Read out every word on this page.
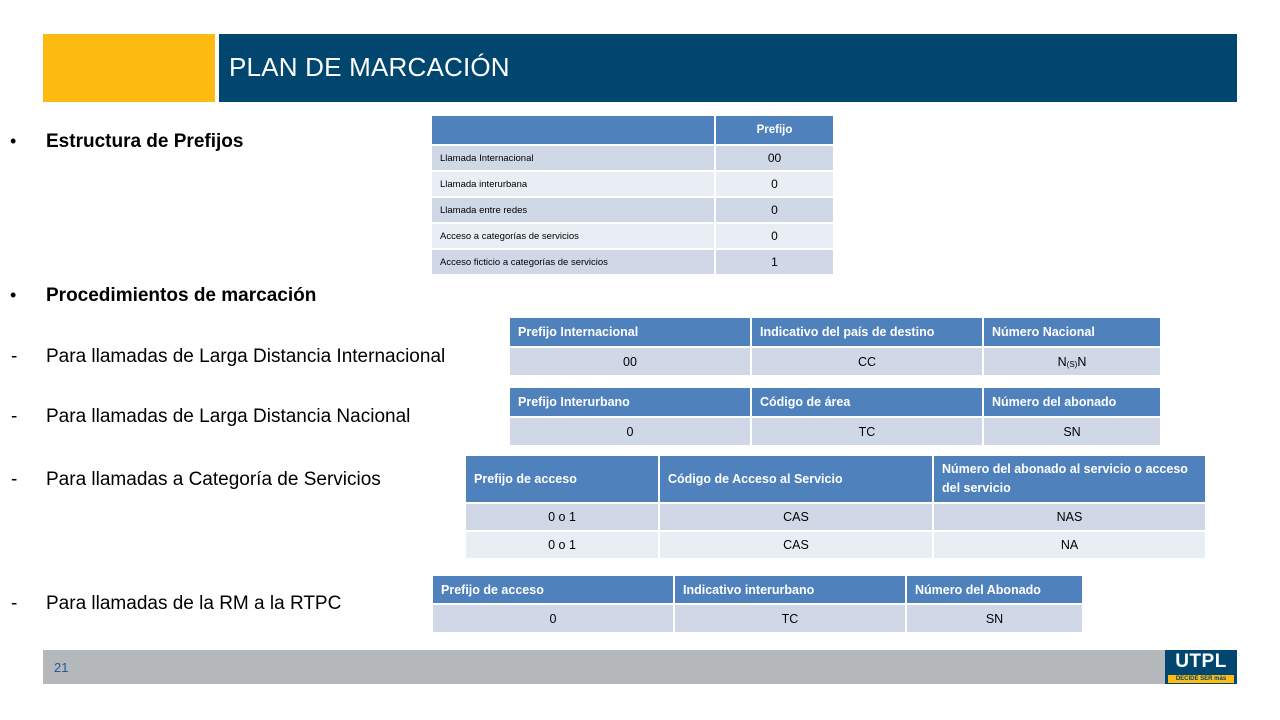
PLAN DE MARCACIÓN
• Estructura de Prefijos
• Procedimientos de marcación
- Para llamadas de Larga Distancia Internacional
- Para llamadas de Larga Distancia Nacional
- Para llamadas a Categoría de Servicios
- Para llamadas de la RM a la RTPC
	Prefijo
Llamada Internacional	00
Llamada interurbana	0
Llamada entre redes	0
Acceso a categorías de servicios	0
Acceso ficticio a categorías de servicios	1
Prefijo Internacional	Indicativo del país de destino	Número Nacional
00	CC	$N_{(S)}N$
Prefijo Interurbano	Código de área	Número del abonado
0	TC	SN
Prefijo de acceso	Código de Acceso al Servicio	Número del abonado al servicio o acceso del servicio
0 o 1	CAS	NAS
0 o 1	CAS	NA
Prefijo de acceso	Indicativo interurbano	Número del Abonado
0	TC	SN
21	UTPL
DECIDE SER más
